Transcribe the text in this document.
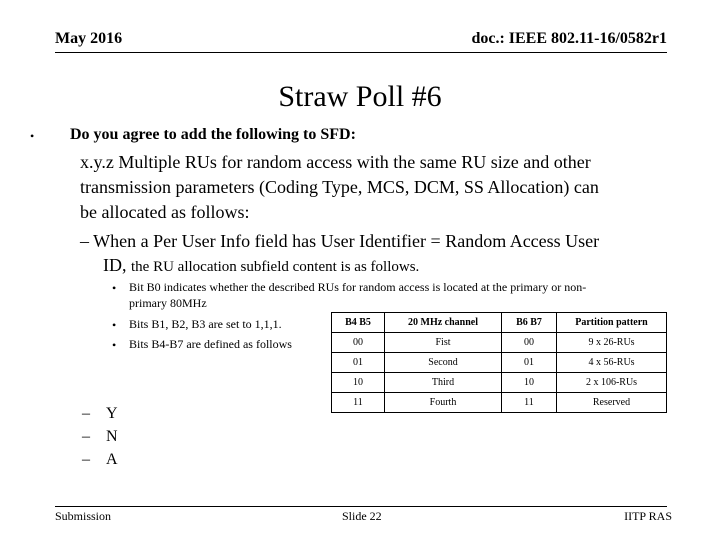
May 2016	doc.: IEEE 802.11-16/0582r1
Straw Poll #6
• Do you agree to add the following to SFD:
x.y.z Multiple RUs for random access with the same RU size and other
transmission parameters (Coding Type, MCS, DCM, SS Allocation) can
be allocated as follows:
– When a Per User Info field has User Identifier = Random Access User
ID, the RU allocation subfield content is as follows.
• Bit B0 indicates whether the described RUs for random access is located at the primary or non-
primary 80MHz
• Bits B1, B2, B3 are set to 1,1,1.
• Bits B4-B7 are defined as follows
B4 B5	20 MHz channel	B6 B7	Partition pattern
00	Fist	00	9 x 26-RUs
01	Second	01	4 x 56-RUs
10	Third	10	2 x 106-RUs
11	Fourth	11	Reserved
– Y
– N
– A
Submission	Slide 22	IITP RAS
